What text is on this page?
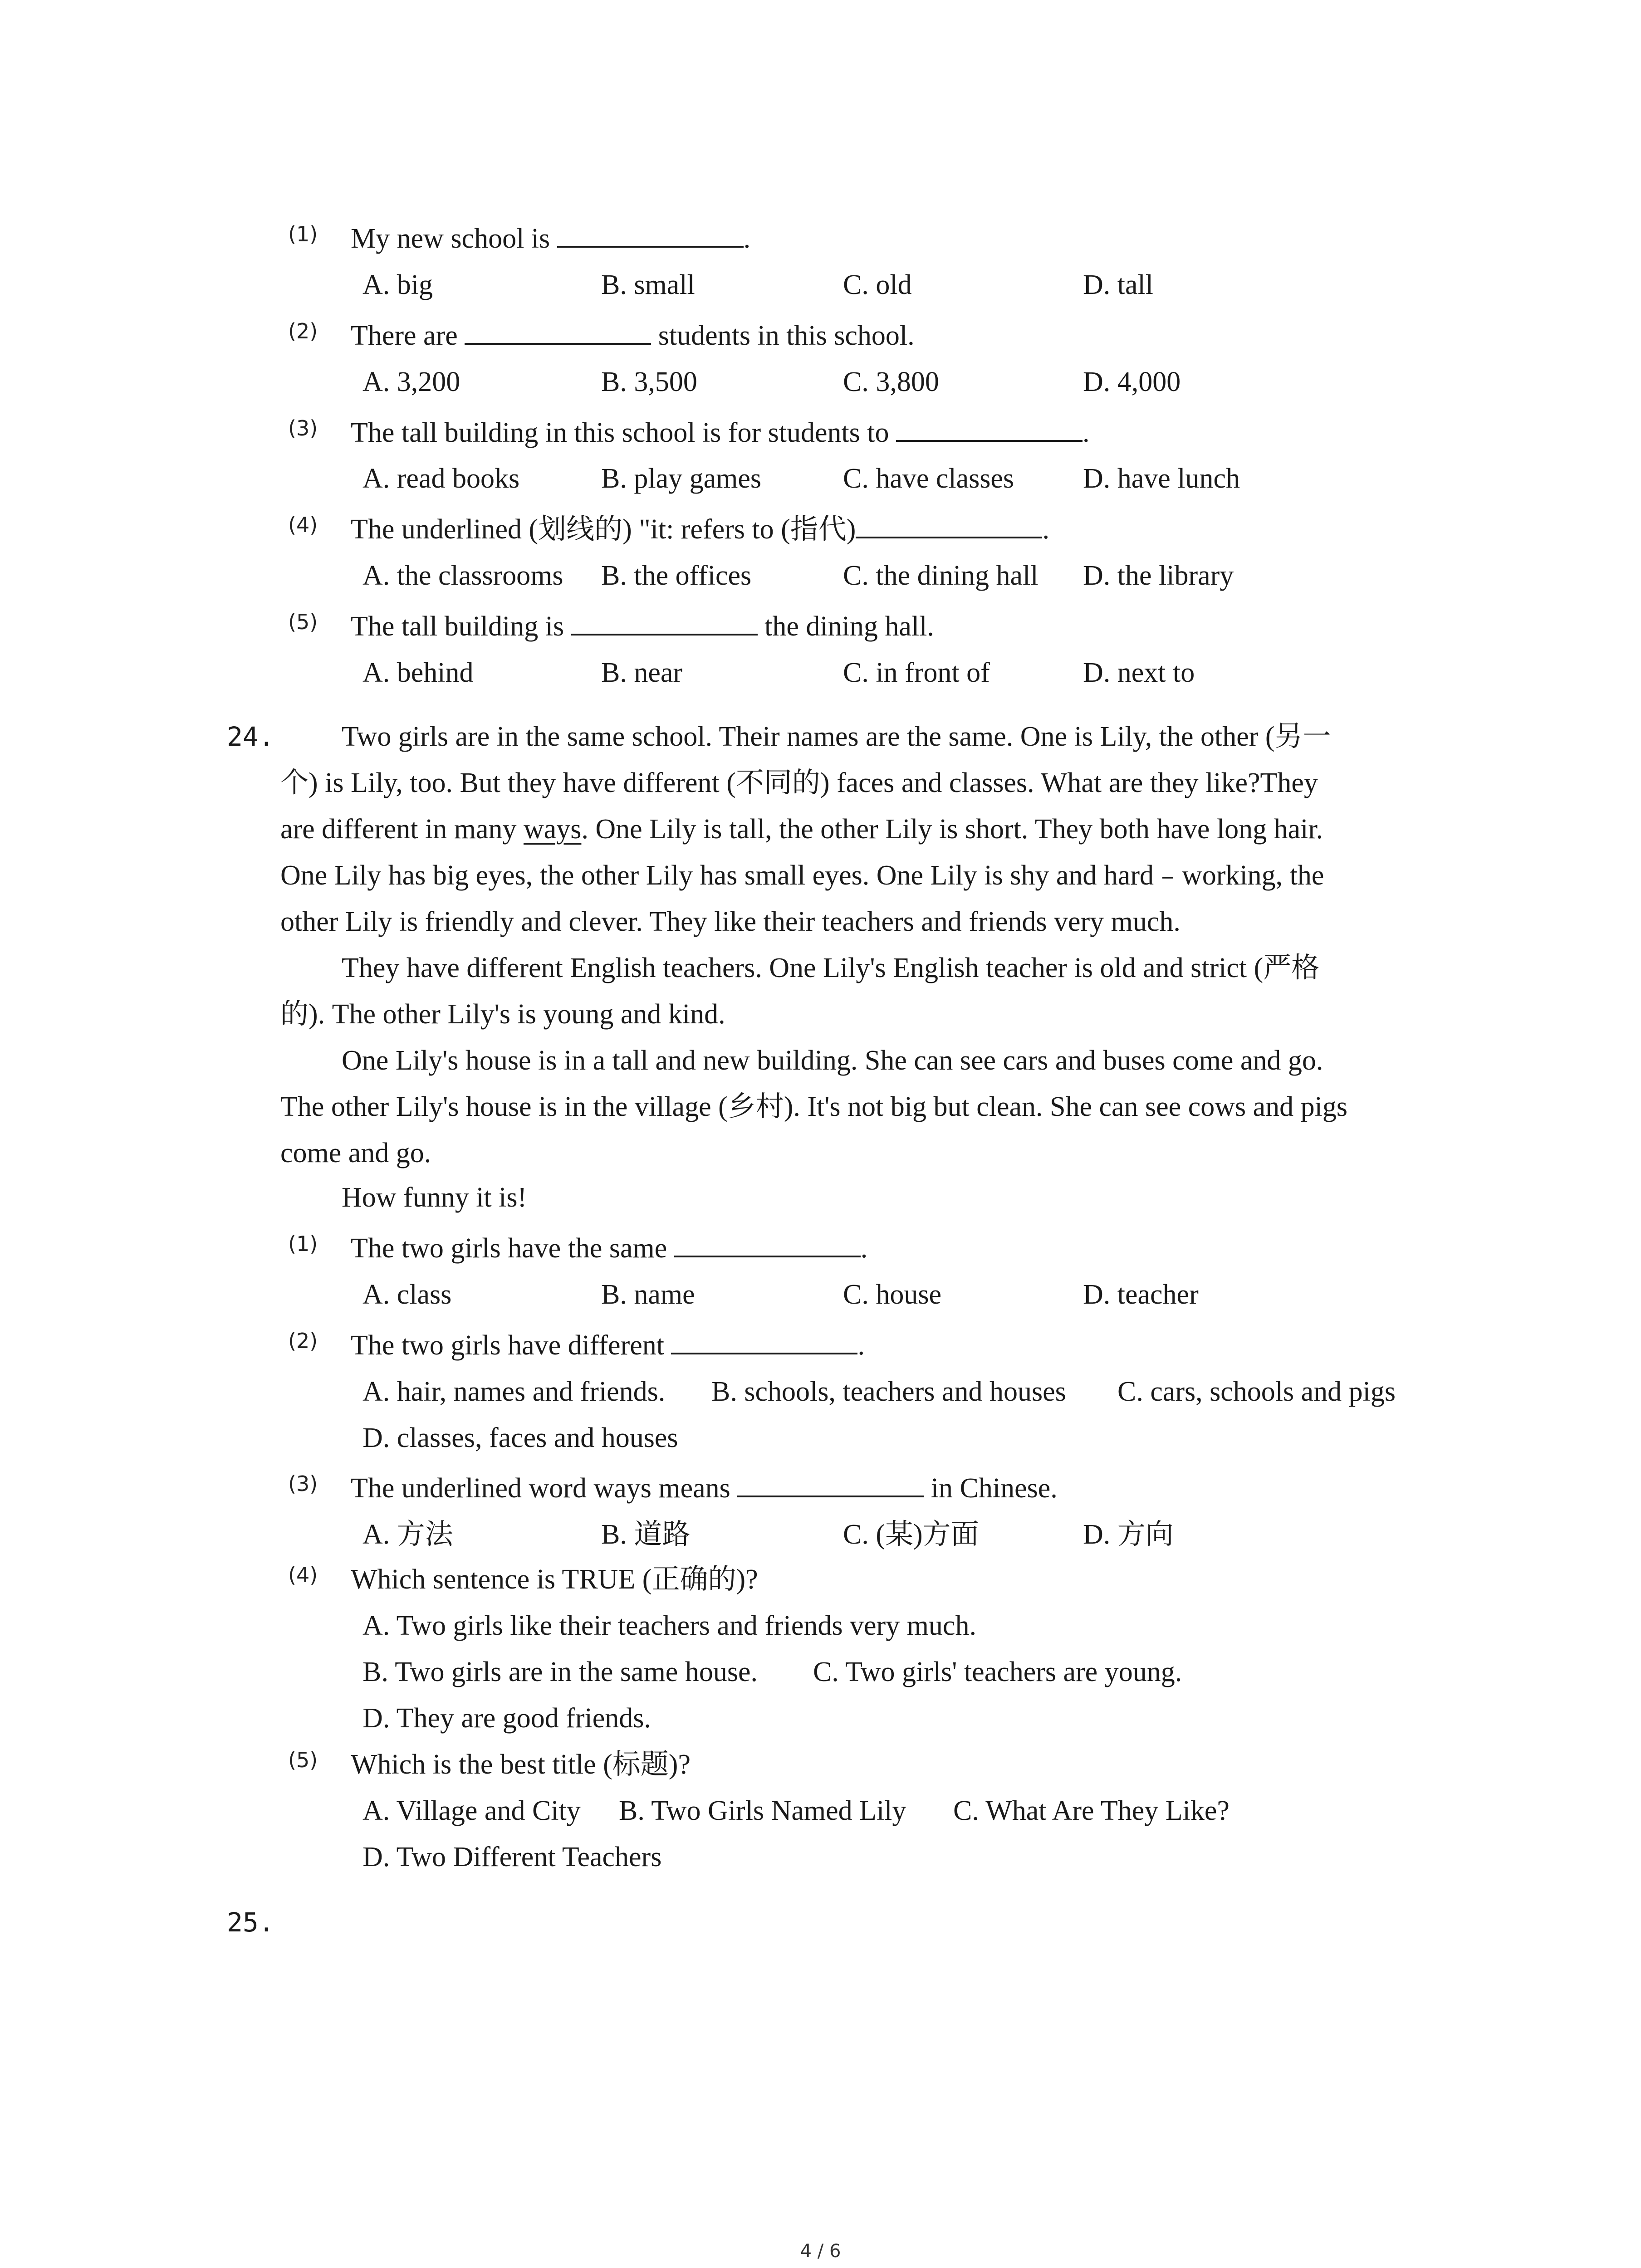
(1) My new school is	.
A. big	B. small	C. old	D. tall
(2) There are	students in this school.
A. 3,200	B. 3,500	C. 3,800	D. 4,000
(3) The tall building in this school is for students to	.
A. read books	B. play games	C. have classes D. have lunch
(4) The underlined (划线的) "it: refers to (指代)	.
A. the classrooms B. the offices	C. the dining hall D. the library
(5) The tall building is	the dining hall.
A. behind	B. near	C. in front of	D. next to
24. Two girls are in the same school. Their names are the same. One is Lily, the other (另一
个) is Lily, too. But they have different (不同的) faces and classes. What are they like?They
are different in many ways. One Lily is tall, the other Lily is short. They both have long hair.
One Lily has big eyes, the other Lily has small eyes. One Lily is shy and hard﹣working, the
other Lily is friendly and clever. They like their teachers and friends very much.
They have different English teachers. One Lily's English teacher is old and strict (严格
的). The other Lily's is young and kind.
One Lily's house is in a tall and new building. She can see cars and buses come and go.
The other Lily's house is in the village (乡村). It's not big but clean. She can see cows and pigs
come and go.
How funny it is!
(1) The two girls have the same	.
A. class	B. name	C. house	D. teacher
(2) The two girls have different	.
A. hair, names and friends. B. schools, teachers and houses C. cars, schools and pigs
D. classes, faces and houses
(3) The underlined word ways means	in Chinese.
A. 方法	B. 道路	C. (某)方面	D. 方向
(4) Which sentence is TRUE (正确的)?
A. Two girls like their teachers and friends very much.
B. Two girls are in the same house. C. Two girls' teachers are young.
D. They are good friends.
(5) Which is the best title (标题)?
A. Village and City B. Two Girls Named Lily C. What Are They Like?
D. Two Different Teachers
25.
4 / 6
